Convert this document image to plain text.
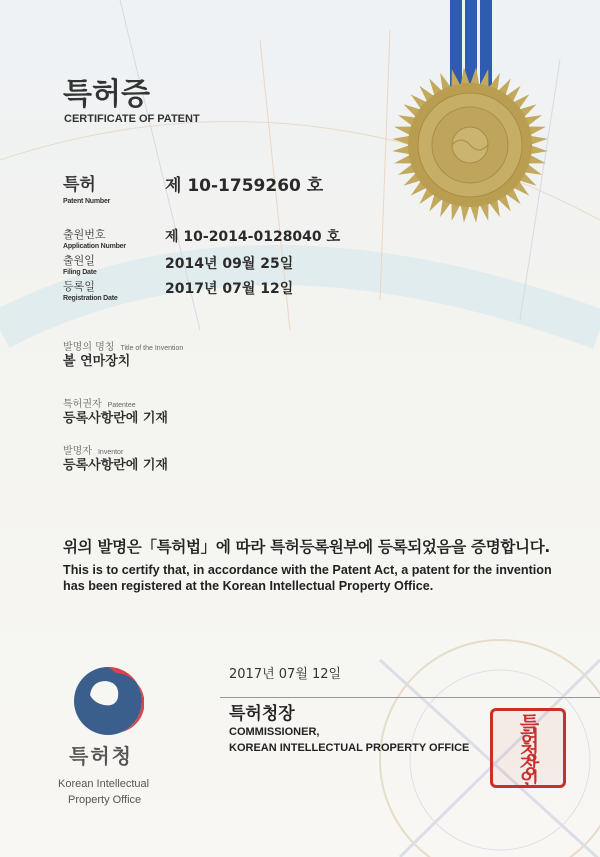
특허증
CERTIFICATE OF PATENT
특허
Patent Number
제 10-1759260 호
출원번호
Application Number
제 10-2014-0128040 호
출원일
Filing Date
2014년 09월 25일
등록일
Registration Date
2017년 07월 12일
발명의 명칭 Title of the Invention
볼 연마장치
특허권자 Patentee
등록사항란에 기재
발명자 Inventor
등록사항란에 기재
위의 발명은「특허법」에 따라 특허등록원부에 등록되었음을 증명합니다.
This is to certify that, in accordance with the Patent Act, a patent for the invention
has been registered at the Korean Intellectual Property Office.
특허청
Korean Intellectual
Property Office
2017년 07월 12일
특허청장
COMMISSIONER,
KOREAN INTELLECTUAL PROPERTY OFFICE 특허청장인
